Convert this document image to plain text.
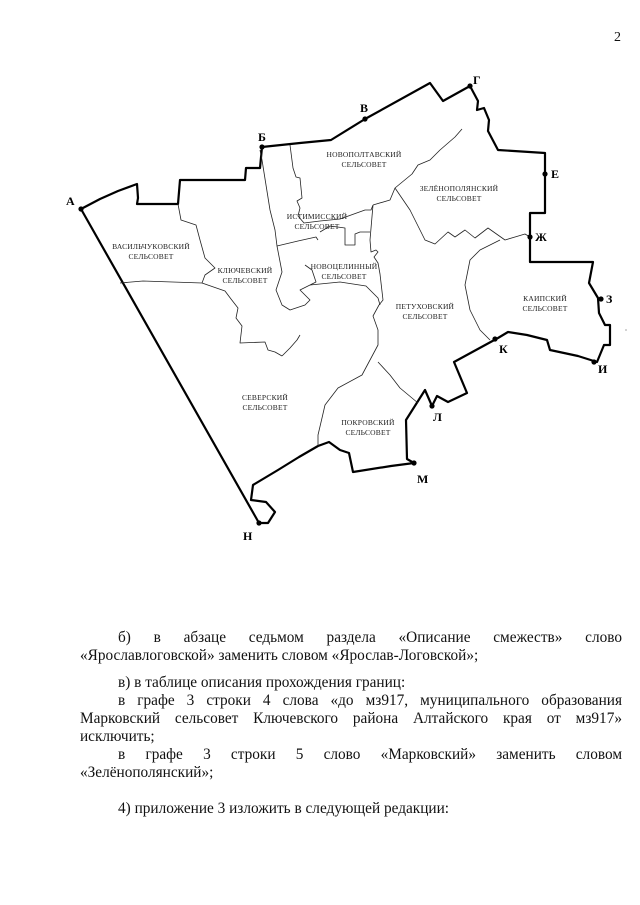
2
А
Б
В
Г
Е
Ж
З
И
К
Л
М
Н
НОВОПОЛТАВСКИЙ
СЕЛЬСОВЕТ
ЗЕЛЁНОПОЛЯНСКИЙ
СЕЛЬСОВЕТ
ИСТИМИССКИЙ
СЕЛЬСОВЕТ
ВАСИЛЬЧУКОВСКИЙ
СЕЛЬСОВЕТ
КЛЮЧЕВСКИЙ
СЕЛЬСОВЕТ
НОВОЦЕЛИННЫЙ
СЕЛЬСОВЕТ
ПЕТУХОВСКИЙ
СЕЛЬСОВЕТ
КАИПСКИЙ
СЕЛЬСОВЕТ
СЕВЕРСКИЙ
СЕЛЬСОВЕТ
ПОКРОВСКИЙ
СЕЛЬСОВЕТ
б) в абзаце седьмом раздела «Описание смежеств» слово
«Ярославлоговской» заменить словом «Ярослав-Логовской»;
в) в таблице описания прохождения границ:
в графе 3 строки 4 слова «до мз917, муниципального образования
Марковский сельсовет Ключевского района Алтайского края от мз917»
исключить;
в графе 3 строки 5 слово «Марковский» заменить словом
«Зелёнополянский»;
4) приложение 3 изложить в следующей редакции:
